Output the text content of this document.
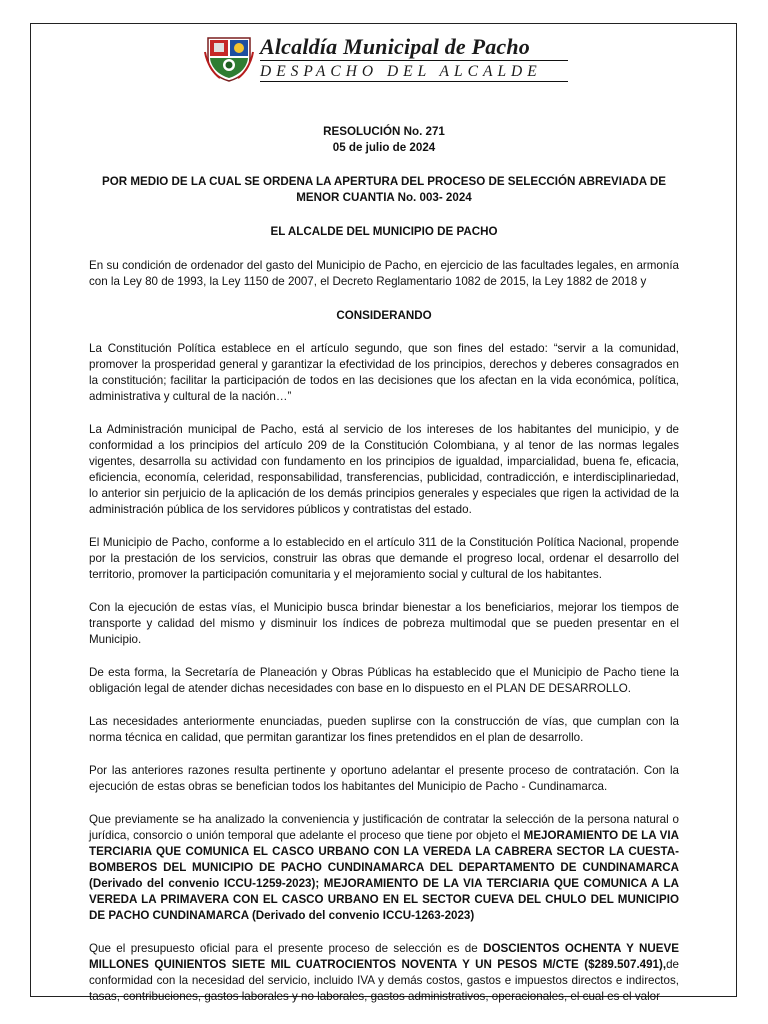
Alcaldía Municipal de Pacho
DESPACHO DEL ALCALDE

RESOLUCIÓN No. 271

05 de julio de 2024

POR MEDIO DE LA CUAL SE ORDENA LA APERTURA DEL PROCESO DE SELECCIÓN ABREVIADA DE MENOR CUANTIA No. 003- 2024

EL ALCALDE DEL MUNICIPIO DE PACHO

En su condición de ordenador del gasto del Municipio de Pacho, en ejercicio de las facultades legales, en armonía con la Ley 80 de 1993, la Ley 1150 de 2007, el Decreto Reglamentario 1082 de 2015, la Ley 1882 de 2018 y

CONSIDERANDO

La Constitución Política establece en el artículo segundo, que son fines del estado: “servir a la comunidad, promover la prosperidad general y garantizar la efectividad de los principios, derechos y deberes consagrados en la constitución; facilitar la participación de todos en las decisiones que los afectan en la vida económica, política, administrativa y cultural de la nación…”

La Administración municipal de Pacho, está al servicio de los intereses de los habitantes del municipio, y de conformidad a los principios del artículo 209 de la Constitución Colombiana, y al tenor de las normas legales vigentes, desarrolla su actividad con fundamento en los principios de igualdad, imparcialidad, buena fe, eficacia, eficiencia, economía, celeridad, responsabilidad, transferencias, publicidad, contradicción, e interdisciplinariedad, lo anterior sin perjuicio de la aplicación de los demás principios generales y especiales que rigen la actividad de la administración pública de los servidores públicos y contratistas del estado.

El Municipio de Pacho, conforme a lo establecido en el artículo 311 de la Constitución Política Nacional, propende por la prestación de los servicios, construir las obras que demande el progreso local, ordenar el desarrollo del territorio, promover la participación comunitaria y el mejoramiento social y cultural de los habitantes.

Con la ejecución de estas vías, el Municipio busca brindar bienestar a los beneficiarios, mejorar los tiempos de transporte y calidad del mismo y disminuir los índices de pobreza multimodal que se pueden presentar en el Municipio.

De esta forma, la Secretaría de Planeación y Obras Públicas ha establecido que el Municipio de Pacho tiene la obligación legal de atender dichas necesidades con base en lo dispuesto en el PLAN DE DESARROLLO.

Las necesidades anteriormente enunciadas, pueden suplirse con la construcción de vías, que cumplan con la norma técnica en calidad, que permitan garantizar los fines pretendidos en el plan de desarrollo.

Por las anteriores razones resulta pertinente y oportuno adelantar el presente proceso de contratación. Con la ejecución de estas obras se benefician todos los habitantes del Municipio de Pacho - Cundinamarca.

Que previamente se ha analizado la conveniencia y justificación de contratar la selección de la persona natural o jurídica, consorcio o unión temporal que adelante el proceso que tiene por objeto el MEJORAMIENTO DE LA VIA TERCIARIA QUE COMUNICA EL CASCO URBANO CON LA VEREDA LA CABRERA SECTOR LA CUESTA-BOMBEROS DEL MUNICIPIO DE PACHO CUNDINAMARCA DEL DEPARTAMENTO DE CUNDINAMARCA (Derivado del convenio ICCU-1259-2023); MEJORAMIENTO DE LA VIA TERCIARIA QUE COMUNICA A LA VEREDA LA PRIMAVERA CON EL CASCO URBANO EN EL SECTOR CUEVA DEL CHULO DEL MUNICIPIO DE PACHO CUNDINAMARCA (Derivado del convenio ICCU-1263-2023)

Que el presupuesto oficial para el presente proceso de selección es de DOSCIENTOS OCHENTA Y NUEVE MILLONES QUINIENTOS SIETE MIL CUATROCIENTOS NOVENTA Y UN PESOS M/CTE ($289.507.491),de conformidad con la necesidad del servicio, incluido IVA y demás costos, gastos e impuestos directos e indirectos, tasas, contribuciones, gastos laborales y no laborales, gastos administrativos, operacionales, el cual es el valor
